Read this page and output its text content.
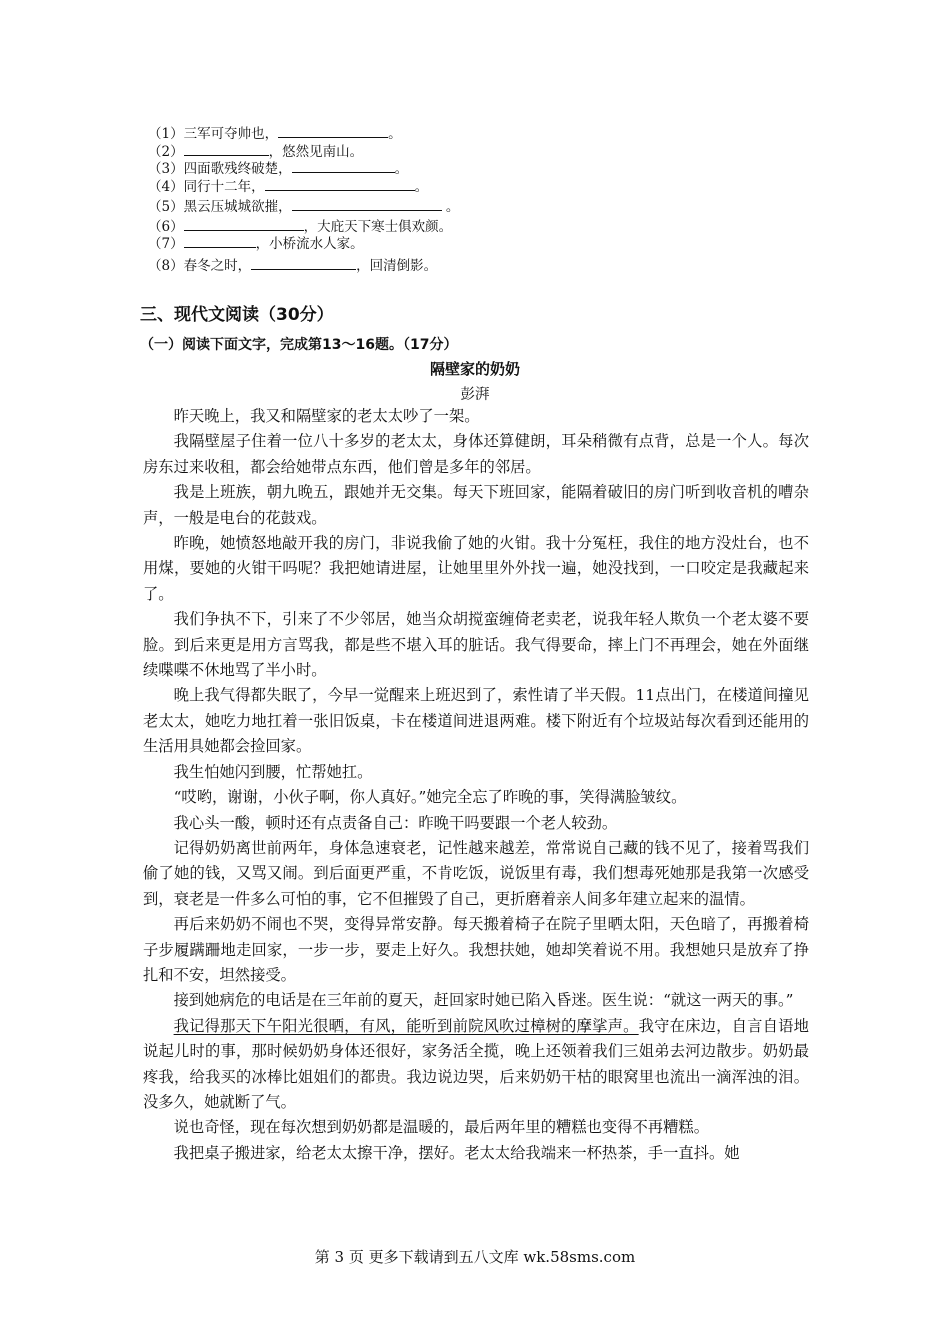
（1）三军可夺帅也，	。
（2）	，悠然见南山。
（3）四面歌残终破楚，	。
（4）同行十二年，	。
（5）黑云压城城欲摧，	。
（6）	，大庇天下寒士俱欢颜。
（7）	，小桥流水人家。
（8）春冬之时，	，回清倒影。
三、现代文阅读（30分）
（一）阅读下面文字，完成第13～16题。（17分）
隔壁家的奶奶
彭湃

昨天晚上，我又和隔壁家的老太太吵了一架。

我隔壁屋子住着一位八十多岁的老太太，身体还算健朗，耳朵稍微有点背，总是一个人。每次房东过来收租，都会给她带点东西，他们曾是多年的邻居。

我是上班族，朝九晚五，跟她并无交集。每天下班回家，能隔着破旧的房门听到收音机的嘈杂声，一般是电台的花鼓戏。

昨晚，她愤怒地敲开我的房门，非说我偷了她的火钳。我十分冤枉，我住的地方没灶台，也不用煤，要她的火钳干吗呢？我把她请进屋，让她里里外外找一遍，她没找到，一口咬定是我藏起来了。

我们争执不下，引来了不少邻居，她当众胡搅蛮缠倚老卖老，说我年轻人欺负一个老太婆不要脸。到后来更是用方言骂我，都是些不堪入耳的脏话。我气得要命，摔上门不再理会，她在外面继续喋喋不休地骂了半小时。

晚上我气得都失眠了，今早一觉醒来上班迟到了，索性请了半天假。11点出门，在楼道间撞见老太太，她吃力地扛着一张旧饭桌，卡在楼道间进退两难。楼下附近有个垃圾站每次看到还能用的生活用具她都会捡回家。

我生怕她闪到腰，忙帮她扛。

“哎哟，谢谢，小伙子啊，你人真好。”她完全忘了昨晚的事，笑得满脸皱纹。

我心头一酸，顿时还有点责备自己：昨晚干吗要跟一个老人较劲。

记得奶奶离世前两年，身体急速衰老，记性越来越差，常常说自己藏的钱不见了，接着骂我们偷了她的钱，又骂又闹。到后面更严重，不肯吃饭，说饭里有毒，我们想毒死她那是我第一次感受到，衰老是一件多么可怕的事，它不但摧毁了自己，更折磨着亲人间多年建立起来的温情。

再后来奶奶不闹也不哭，变得异常安静。每天搬着椅子在院子里晒太阳，天色暗了，再搬着椅子步履蹒跚地走回家，一步一步，要走上好久。我想扶她，她却笑着说不用。我想她只是放弃了挣扎和不安，坦然接受。

接到她病危的电话是在三年前的夏天，赶回家时她已陷入昏迷。医生说：“就这一两天的事。”

我记得那天下午阳光很晒，有风，能听到前院风吹过樟树的摩挲声。我守在床边，自言自语地说起儿时的事，那时候奶奶身体还很好，家务活全揽，晚上还领着我们三姐弟去河边散步。奶奶最疼我，给我买的冰棒比姐姐们的都贵。我边说边哭，后来奶奶干枯的眼窝里也流出一滴浑浊的泪。没多久，她就断了气。

说也奇怪，现在每次想到奶奶都是温暖的，最后两年里的糟糕也变得不再糟糕。

我把桌子搬进家，给老太太擦干净，摆好。老太太给我端来一杯热茶，手一直抖。她

第 3 页 更多下载请到五八文库 wk.58sms.com
